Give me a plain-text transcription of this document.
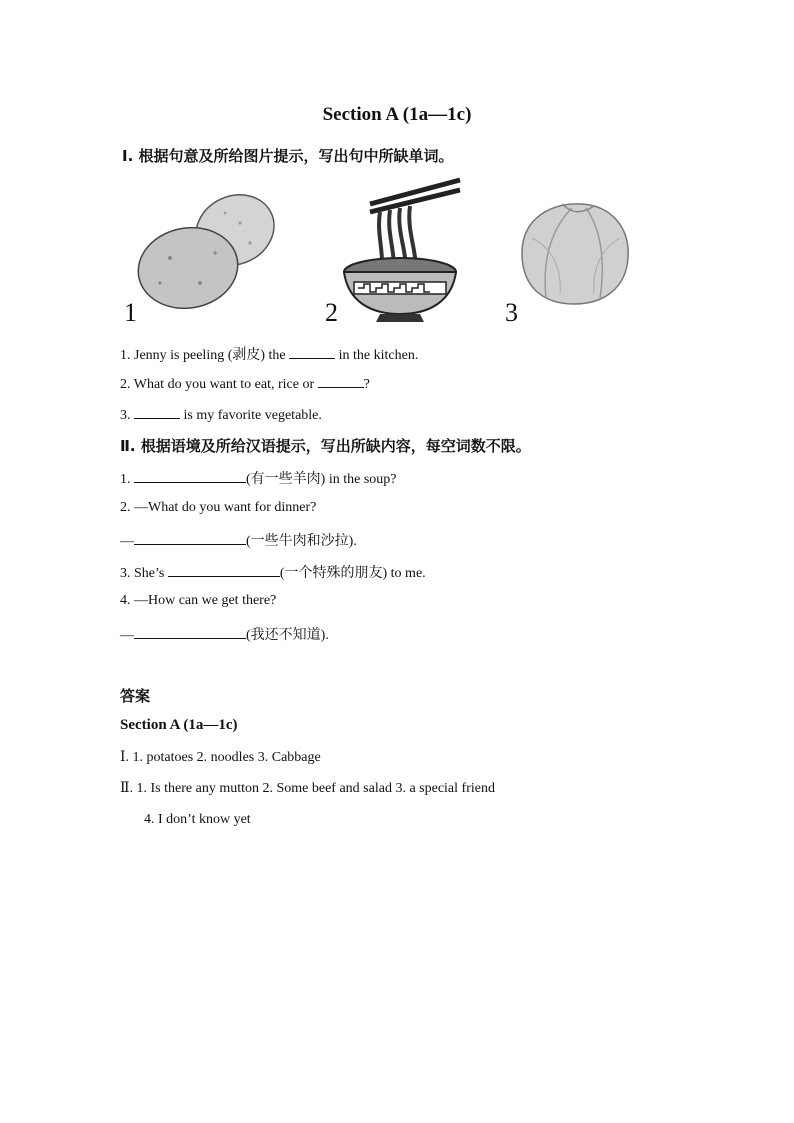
Section A (1a—1c)
Ⅰ. 根据句意及所给图片提示，写出句中所缺单词。
1	2	3
1. Jenny is peeling (剥皮) the	in the kitchen.
2. What do you want to eat, rice or	?
3.	is my favorite vegetable.
Ⅱ. 根据语境及所给汉语提示，写出所缺内容，每空词数不限。
1.	(有一些羊肉) in the soup?
2. —What do you want for dinner?
—	(一些牛肉和沙拉).
3. She’s	(一个特殊的朋友) to me.
4. —How can we get there?
—	(我还不知道).
答案
Section A (1a—1c)
Ⅰ. 1. potatoes 2. noodles 3. Cabbage
Ⅱ. 1. Is there any mutton 2. Some beef and salad 3. a special friend
4. I don’t know yet
